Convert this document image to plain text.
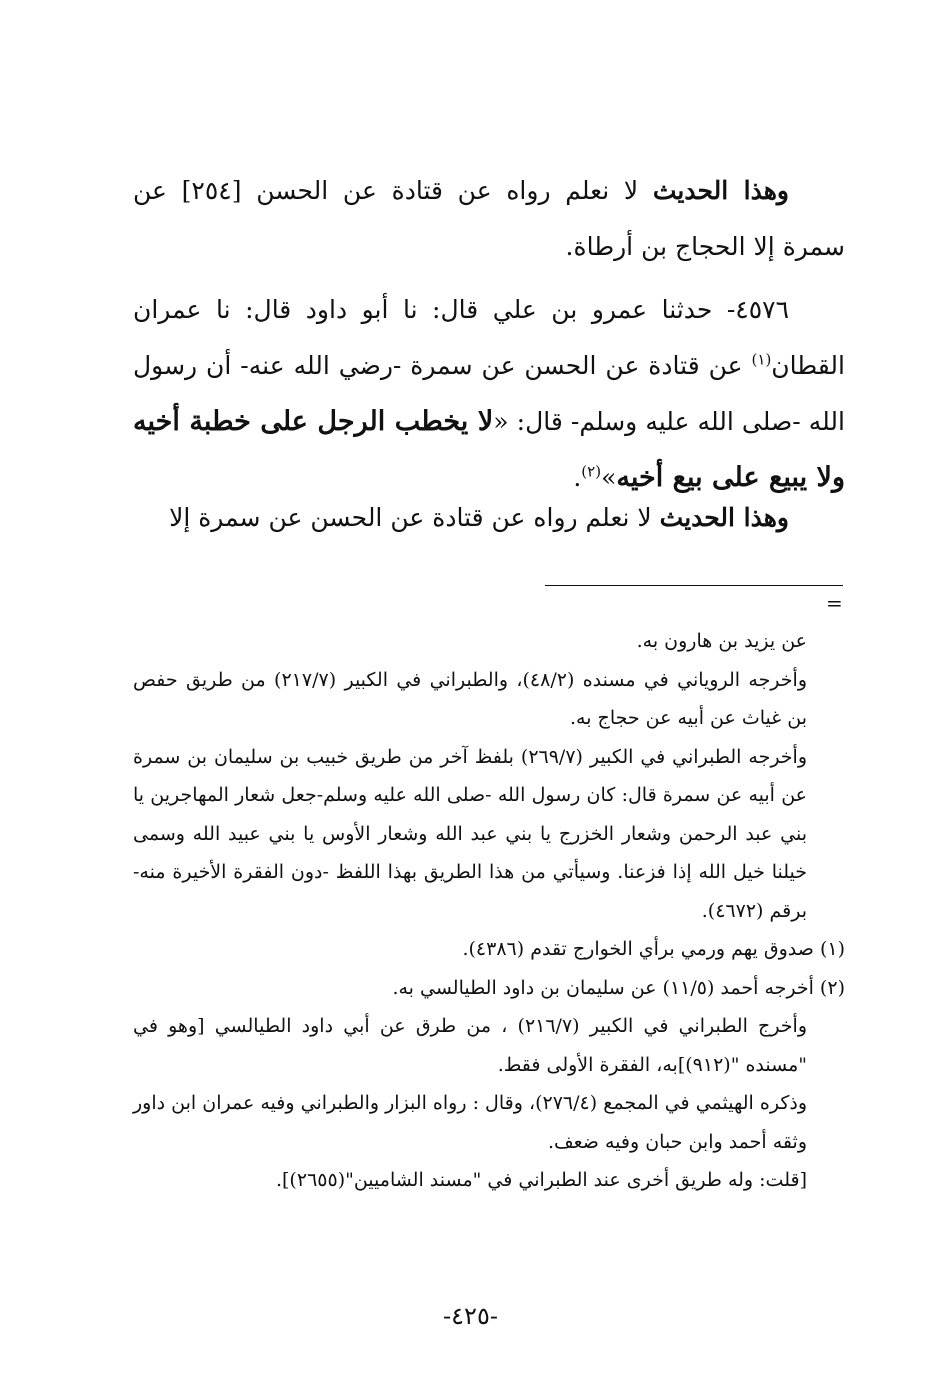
وهذا الحديث لا نعلم رواه عن قتادة عن الحسن [٢٥٤] عن سمرة إلا الحجاج بن أرطاة.

٤٥٧٦- حدثنا عمرو بن علي قال: نا أبو داود قال: نا عمران القطان$^{(١)}$ عن قتادة عن الحسن عن سمرة -رضي الله عنه- أن رسول الله -صلى الله عليه وسلم- قال: «لا يخطب الرجل على خطبة أخيه ولا يبيع على بيع أخيه»$^{(٢)}$.

وهذا الحديث لا نعلم رواه عن قتادة عن الحسن عن سمرة إلا

=

عن يزيد بن هارون به.

وأخرجه الروياني في مسنده (٤٨/٢)، والطبراني في الكبير (٢١٧/٧) من طريق حفص بن غياث عن أبيه عن حجاج به.

وأخرجه الطبراني في الكبير (٢٦٩/٧) بلفظ آخر من طريق خبيب بن سليمان بن سمرة عن أبيه عن سمرة قال: كان رسول الله -صلى الله عليه وسلم-جعل شعار المهاجرين يا بني عبد الرحمن وشعار الخزرج يا بني عبد الله وشعار الأوس يا بني عبيد الله وسمى خيلنا خيل الله إذا فزعنا. وسيأتي من هذا الطريق بهذا اللفظ -دون الفقرة الأخيرة منه- برقم (٤٦٧٢).

(١) صدوق يهم ورمي برأي الخوارج تقدم (٤٣٨٦).

(٢) أخرجه أحمد (١١/٥) عن سليمان بن داود الطيالسي به.

وأخرج الطبراني في الكبير (٢١٦/٧) ، من طرق عن أبي داود الطيالسي [وهو في "مسنده "(٩١٢)]به، الفقرة الأولى فقط.

وذكره الهيثمي في المجمع (٢٧٦/٤)، وقال : رواه البزار والطبراني وفيه عمران ابن داور وثقه أحمد وابن حبان وفيه ضعف.

[قلت: وله طريق أخرى عند الطبراني في "مسند الشاميين"(٢٦٥٥)].

-٤٢٥-
